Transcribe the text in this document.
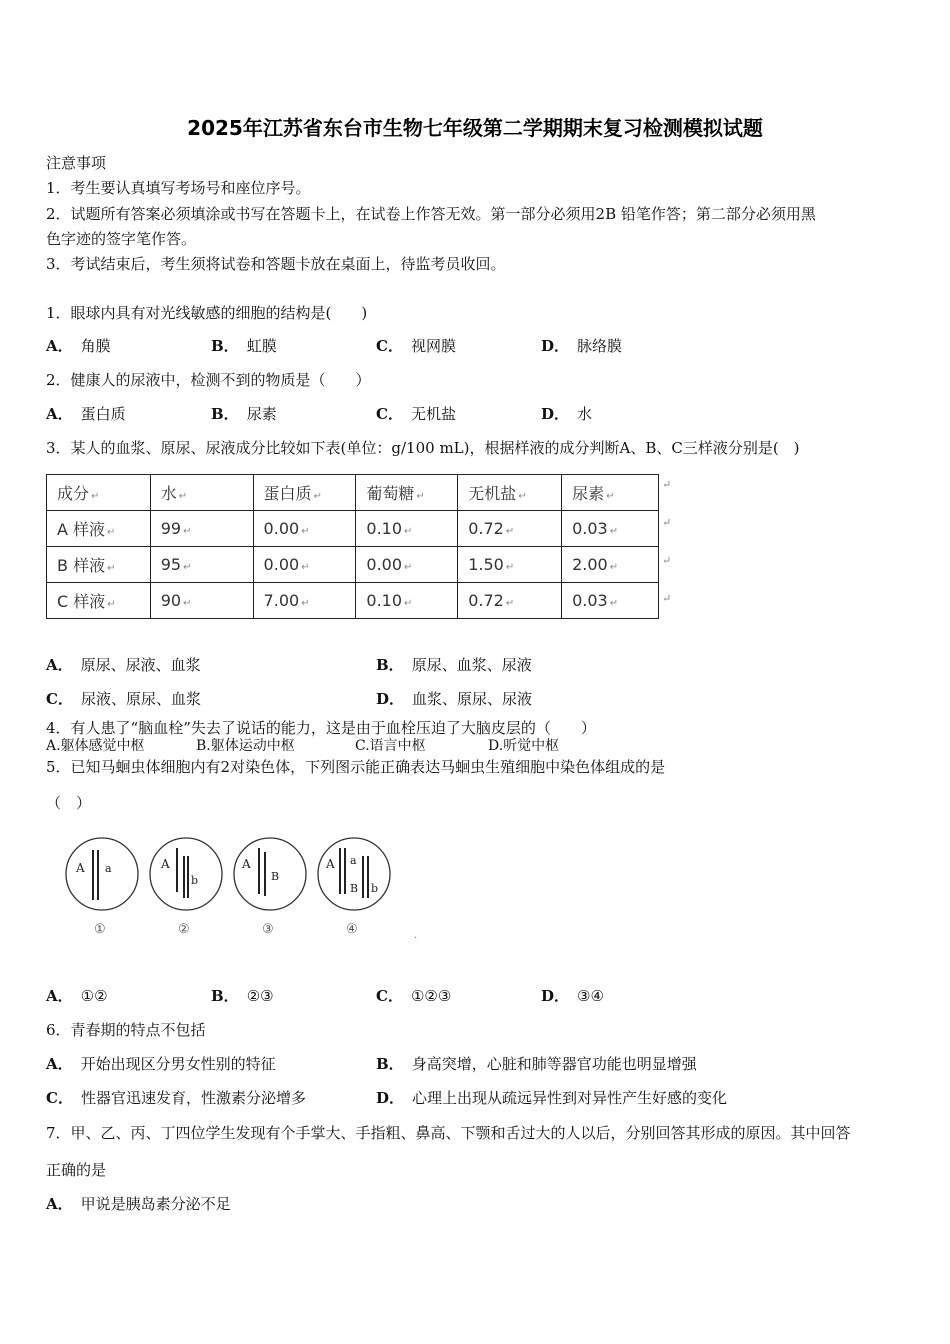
2025年江苏省东台市生物七年级第二学期期末复习检测模拟试题
注意事项
1．考生要认真填写考场号和座位序号。
2．试题所有答案必须填涂或书写在答题卡上，在试卷上作答无效。第一部分必须用2B 铅笔作答；第二部分必须用黑
色字迹的签字笔作答。
3．考试结束后，考生须将试卷和答题卡放在桌面上，待监考员收回。
1．眼球内具有对光线敏感的细胞的结构是(　　)
A． 角膜	B． 虹膜	C． 视网膜	D． 脉络膜
2．健康人的尿液中，检测不到的物质是（　　）
A． 蛋白质	B． 尿素	C． 无机盐	D． 水
3．某人的血浆、原尿、尿液成分比较如下表(单位：g/100 mL)，根据样液的成分判断A、B、C三样液分别是(　)
成分 ↵	水 ↵	蛋白质 ↵	葡萄糖 ↵	无机盐 ↵	尿素 ↵
A 样液 ↵	99 ↵	0.00 ↵	0.10 ↵	0.72 ↵	0.03 ↵
B 样液 ↵	95 ↵	0.00 ↵	0.00 ↵	1.50 ↵	2.00 ↵
C 样液 ↵	90 ↵	7.00 ↵	0.10 ↵	0.72 ↵	0.03 ↵
↵
↵
↵
↵
A． 原尿、尿液、血浆	B． 原尿、血浆、尿液
C． 尿液、原尿、血浆	D． 血浆、原尿、尿液
4．有人患了“脑血栓”失去了说话的能力，这是由于血栓压迫了大脑皮层的（　　）
A.躯体感觉中枢	B.躯体运动中枢	C.语言中枢	D.听觉中枢
5．已知马蛔虫体细胞内有2对染色体，下列图示能正确表达马蛔虫生殖细胞中染色体组成的是
（　）
A a
①
A
b
②
A
B
③
A a
B b
④	.
A． ①②	B． ②③	C． ①②③	D． ③④
6．青春期的特点不包括
A． 开始出现区分男女性别的特征	B． 身高突增，心脏和肺等器官功能也明显增强
C． 性器官迅速发育，性激素分泌增多	D． 心理上出现从疏远异性到对异性产生好感的变化
7．甲、乙、丙、丁四位学生发现有个手掌大、手指粗、鼻高、下颚和舌过大的人以后，分别回答其形成的原因。其中回答
正确的是
A． 甲说是胰岛素分泌不足
